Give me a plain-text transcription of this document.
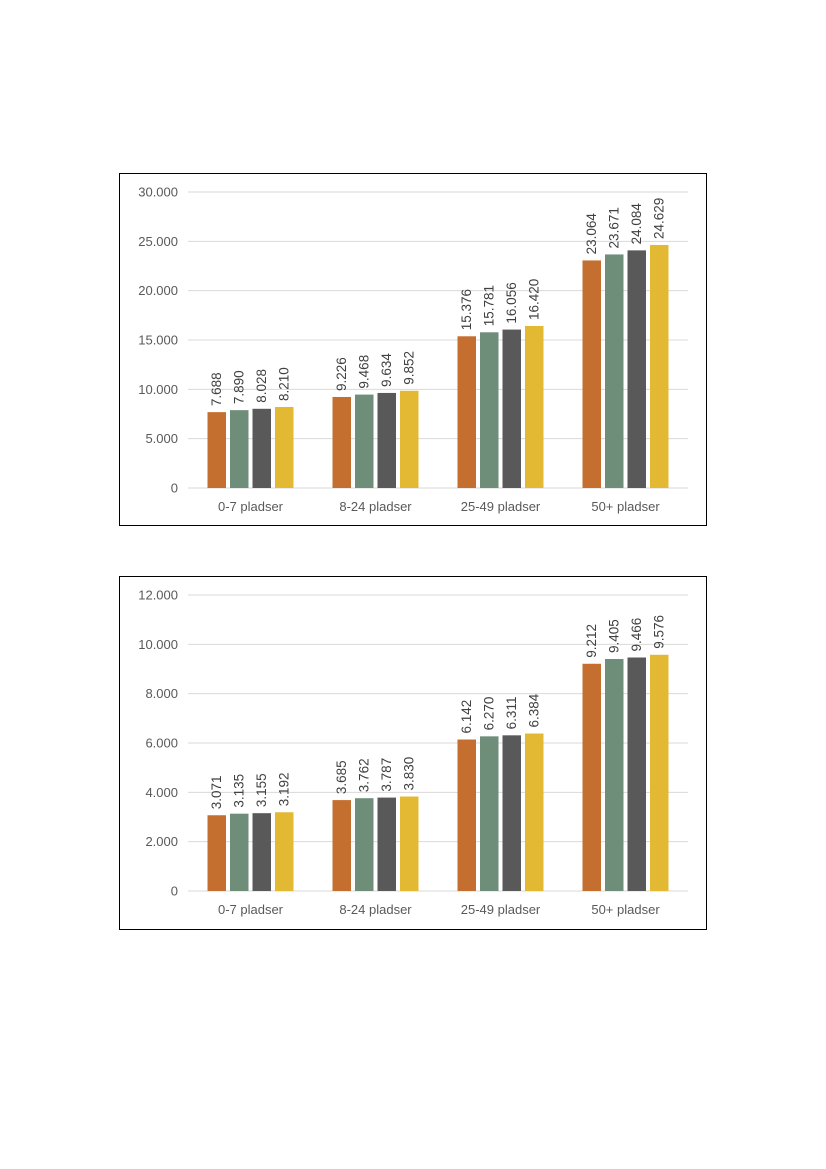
0
5.000
10.000
15.000
20.000
25.000
30.000
7.688 7.890 8.028 8.210
0-7 pladser
9.226 9.468 9.634 9.852
8-24 pladser
15.376 15.781 16.056 16.420
25-49 pladser
23.064 23.671 24.084 24.629
50+ pladser
0
2.000
4.000
6.000
8.000
10.000
12.000
3.071 3.135 3.155 3.192
0-7 pladser
3.685 3.762 3.787 3.830
8-24 pladser
6.142 6.270 6.311 6.384
25-49 pladser
9.212 9.405 9.466 9.576
50+ pladser
